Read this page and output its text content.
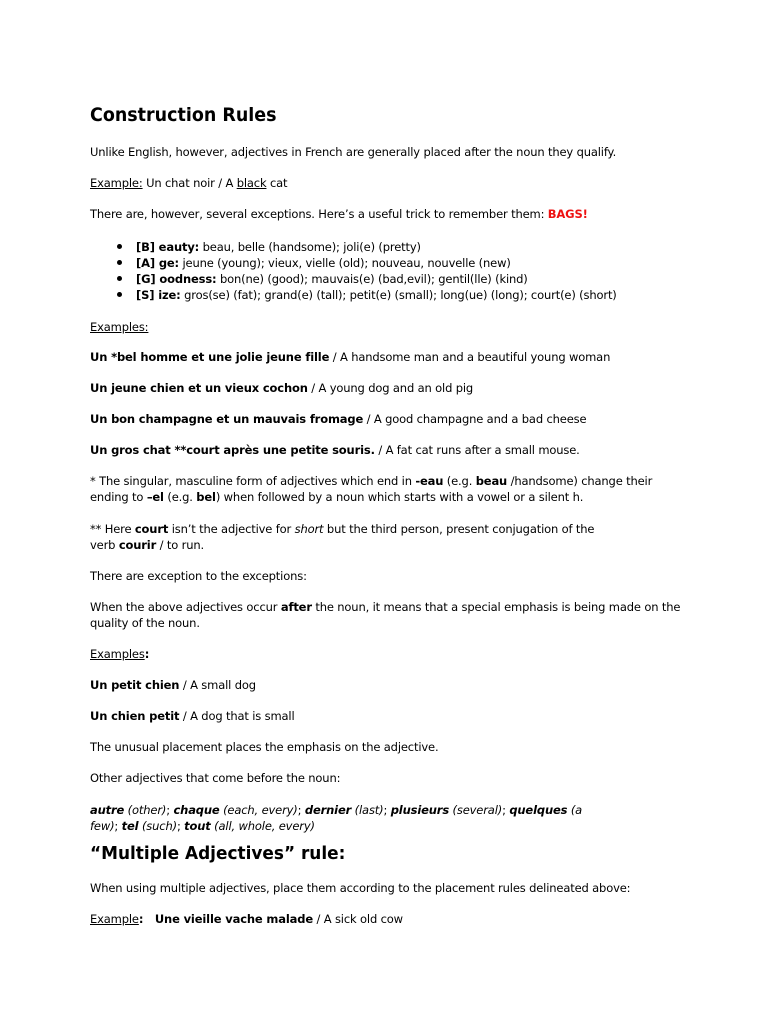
Construction Rules
Unlike English, however, adjectives in French are generally placed after the noun they qualify.
Example: Un chat noir / A black cat
There are, however, several exceptions. Here’s a useful trick to remember them: BAGS!
[B] eauty: beau, belle (handsome); joli(e) (pretty)
[A] ge: jeune (young); vieux, vielle (old); nouveau, nouvelle (new)
[G] oodness: bon(ne) (good); mauvais(e) (bad,evil); gentil(lle) (kind)
[S] ize: gros(se) (fat); grand(e) (tall); petit(e) (small); long(ue) (long); court(e) (short)
Examples:
Un *bel homme et une jolie jeune fille / A handsome man and a beautiful young woman
Un jeune chien et un vieux cochon / A young dog and an old pig
Un bon champagne et un mauvais fromage / A good champagne and a bad cheese
Un gros chat **court après une petite souris. / A fat cat runs after a small mouse.
* The singular, masculine form of adjectives which end in -eau (e.g. beau /handsome) change their ending to –el (e.g. bel) when followed by a noun which starts with a vowel or a silent h.
** Here court isn’t the adjective for short but the third person, present conjugation of the verb courir / to run.
There are exception to the exceptions:
When the above adjectives occur after the noun, it means that a special emphasis is being made on the quality of the noun.
Examples:
Un petit chien / A small dog
Un chien petit / A dog that is small
The unusual placement places the emphasis on the adjective.
Other adjectives that come before the noun:
autre (other); chaque (each, every); dernier (last); plusieurs (several); quelques (a few); tel (such); tout (all, whole, every)
“Multiple Adjectives” rule:
When using multiple adjectives, place them according to the placement rules delineated above:
Example:   Une vieille vache malade / A sick old cow
